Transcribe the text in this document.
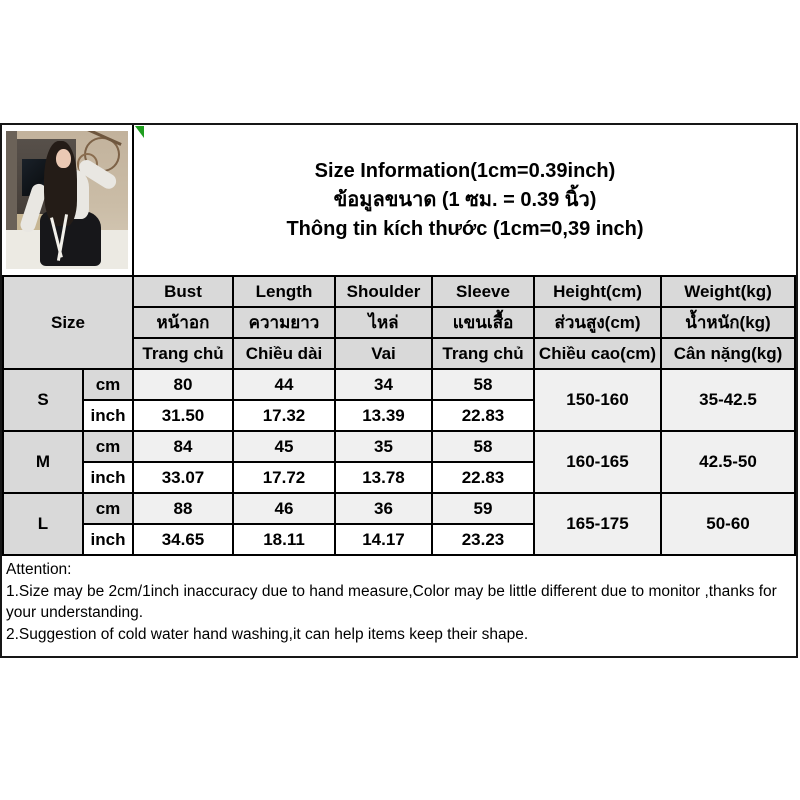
Size Information(1cm=0.39inch)
ข้อมูลขนาด (1 ซม. = 0.39 นิ้ว)
Thông tin kích thước (1cm=0,39 inch)
Size		Bust	Length	Shoulder	Sleeve	Height(cm)	Weight(kg)
		หน้าอก	ความยาว	ไหล่	แขนเสื้อ	ส่วนสูง(cm)	น้ำหนัก(kg)
		Trang chủ	Chiều dài	Vai	Trang chủ	Chiều cao(cm)	Cân nặng(kg)
S	cm	80	44	34	58	150-160	35-42.5
	inch	31.50	17.32	13.39	22.83		
M	cm	84	45	35	58	160-165	42.5-50
	inch	33.07	17.72	13.78	22.83		
L	cm	88	46	36	59	165-175	50-60
	inch	34.65	18.11	14.17	23.23		
Attention:
1.Size may be 2cm/1inch inaccuracy due to hand measure,Color may be little different due to monitor ,thanks for your understanding.
2.Suggestion of cold water hand washing,it can help items keep their shape.
